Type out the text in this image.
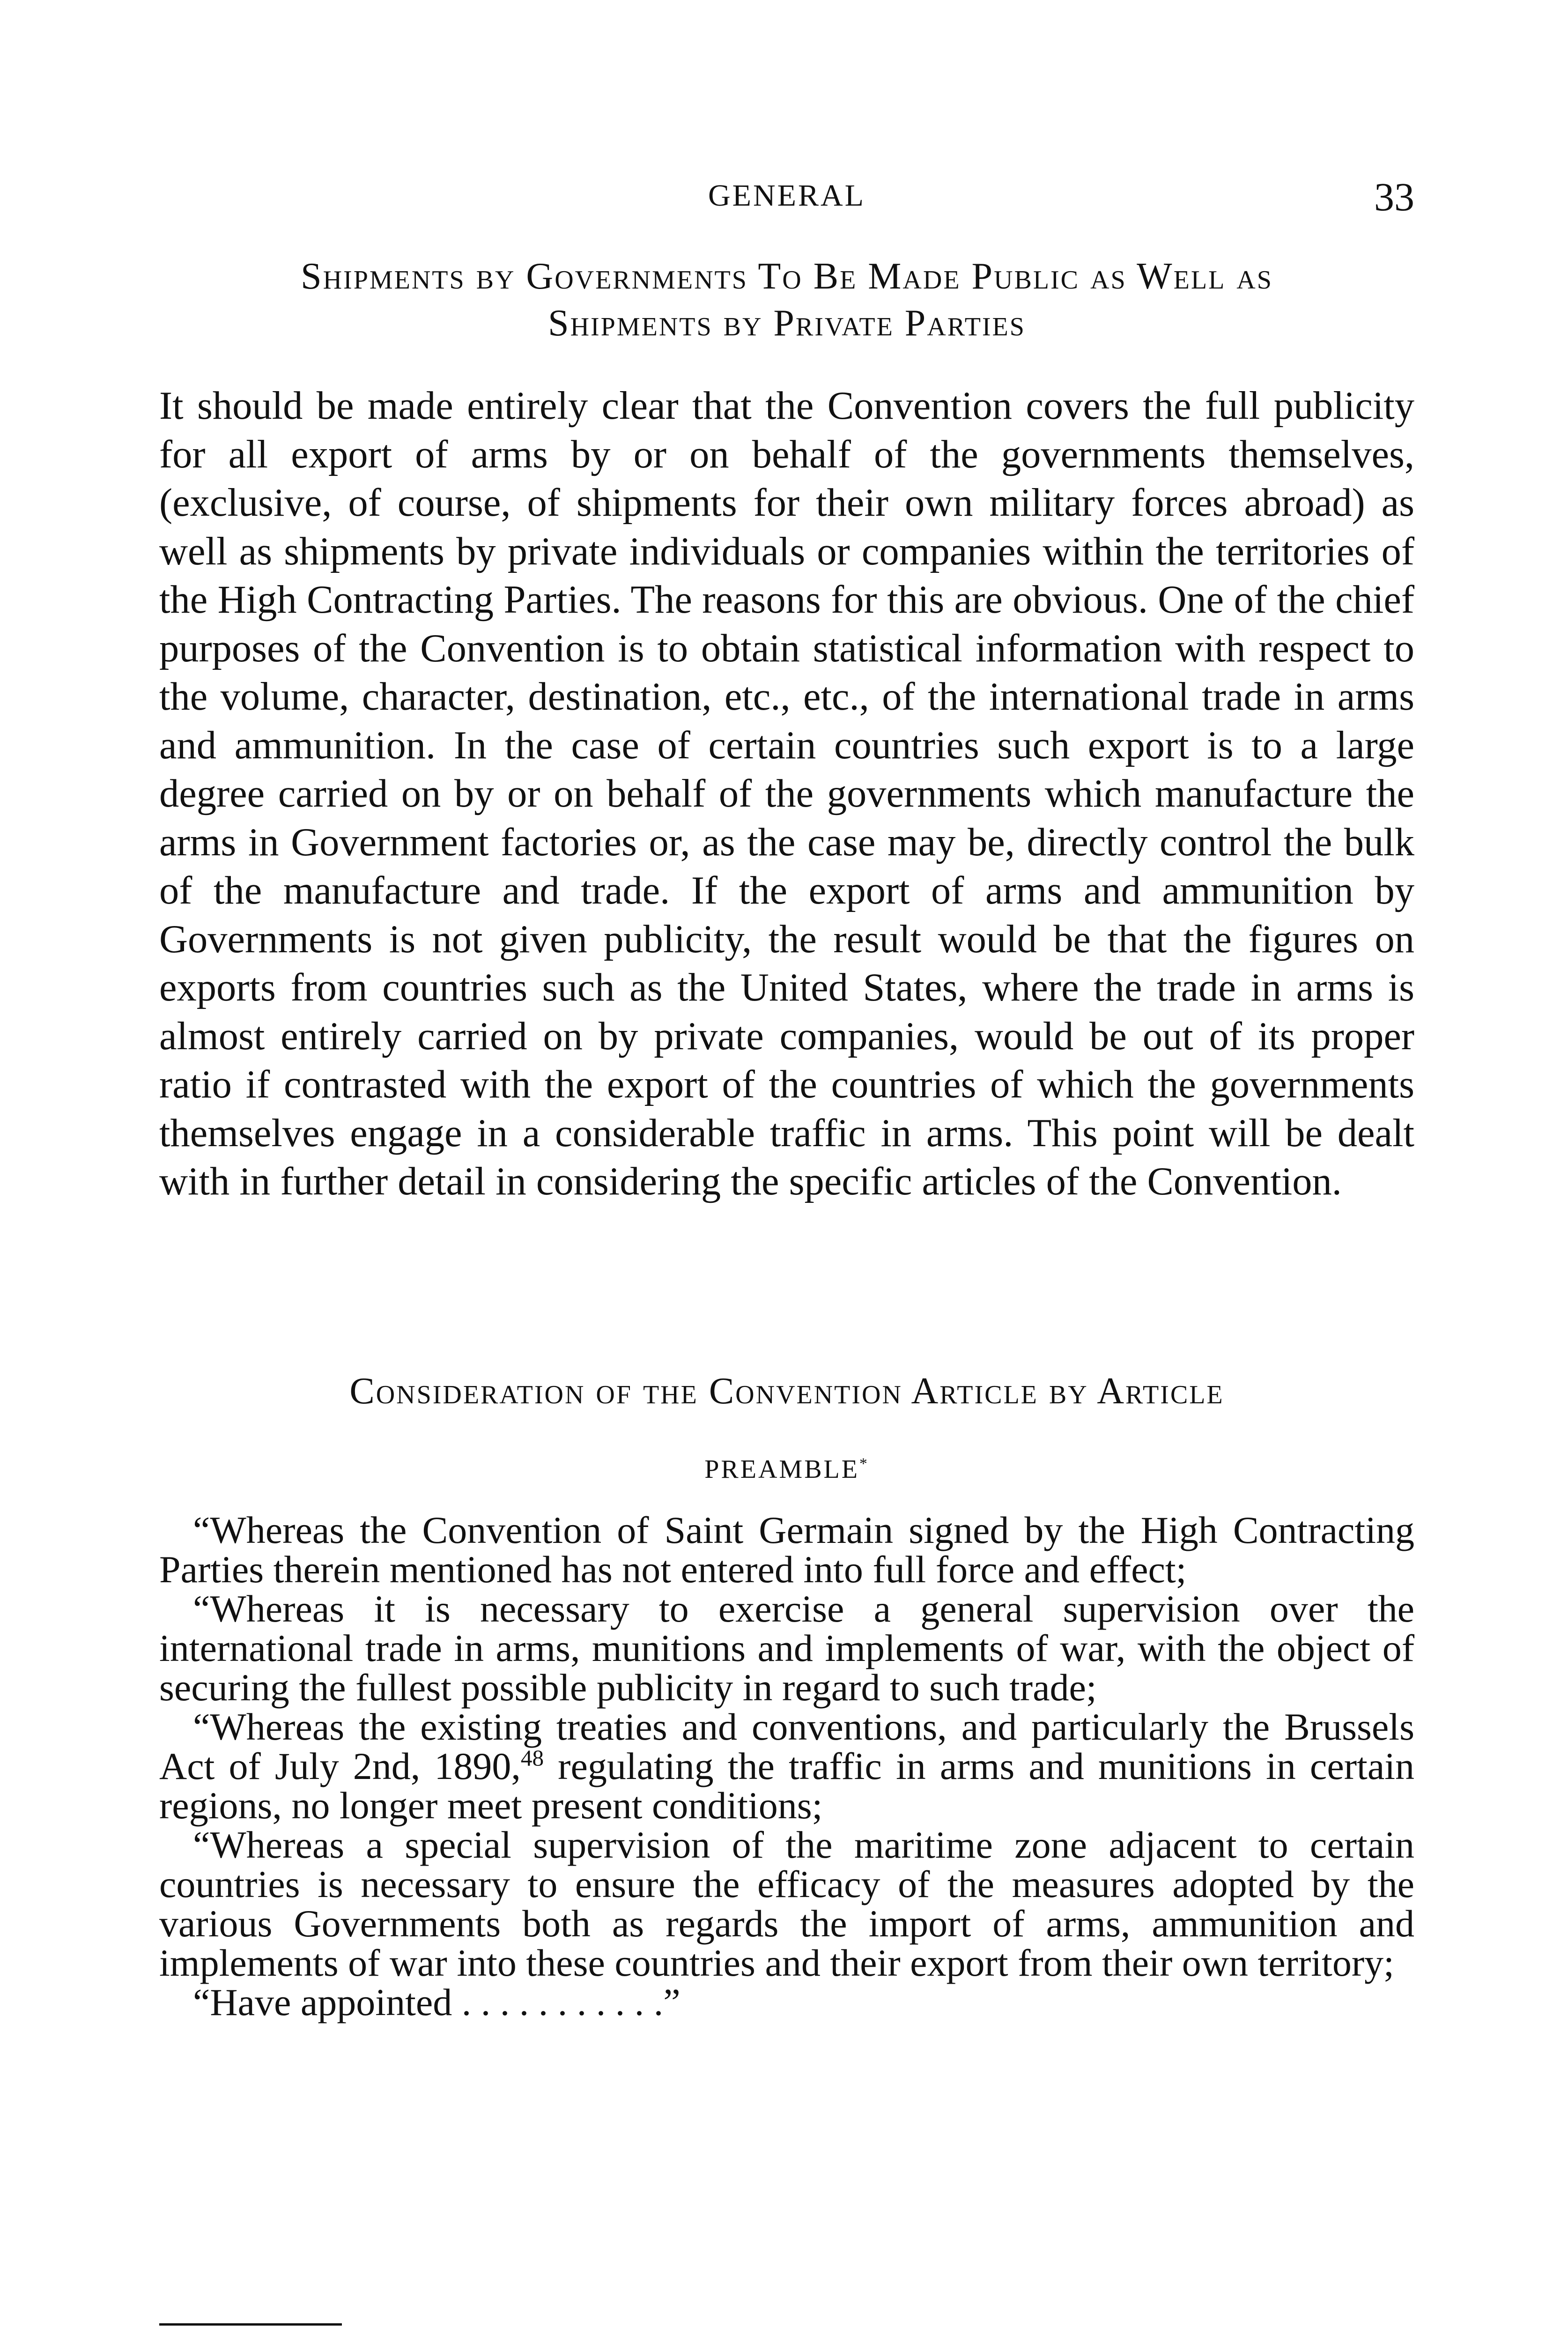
GENERAL	33
Shipments by Governments To Be Made Public as Well as
Shipments by Private Parties

It should be made entirely clear that the Convention covers the full publicity for all export of arms by or on behalf of the governments themselves, (exclusive, of course, of shipments for their own military forces abroad) as well as shipments by private individuals or companies within the territories of the High Contracting Parties. The reasons for this are obvious. One of the chief purposes of the Convention is to obtain statistical information with respect to the volume, character, destination, etc., etc., of the international trade in arms and ammunition. In the case of certain countries such export is to a large degree carried on by or on behalf of the governments which manufacture the arms in Government factories or, as the case may be, directly control the bulk of the manufacture and trade. If the export of arms and ammunition by Governments is not given publicity, the result would be that the figures on exports from countries such as the United States, where the trade in arms is almost entirely carried on by private companies, would be out of its proper ratio if contrasted with the export of the countries of which the governments themselves engage in a considerable traffic in arms. This point will be dealt with in further detail in considering the specific articles of the Convention.

Consideration of the Convention Article by Article
PREAMBLE*

“Whereas the Convention of Saint Germain signed by the High Contracting Parties therein mentioned has not entered into full force and effect;

“Whereas it is necessary to exercise a general supervision over the international trade in arms, munitions and implements of war, with the object of securing the fullest possible publicity in regard to such trade;

“Whereas the existing treaties and conventions, and particularly the Brussels Act of July 2nd, 1890,48 regulating the traffic in arms and munitions in certain regions, no longer meet present conditions;

“Whereas a special supervision of the maritime zone adjacent to certain countries is necessary to ensure the efficacy of the measures adopted by the various Governments both as regards the import of arms, ammunition and implements of war into these countries and their export from their own territory;

“Have appointed . . . . . . . . . . .”
